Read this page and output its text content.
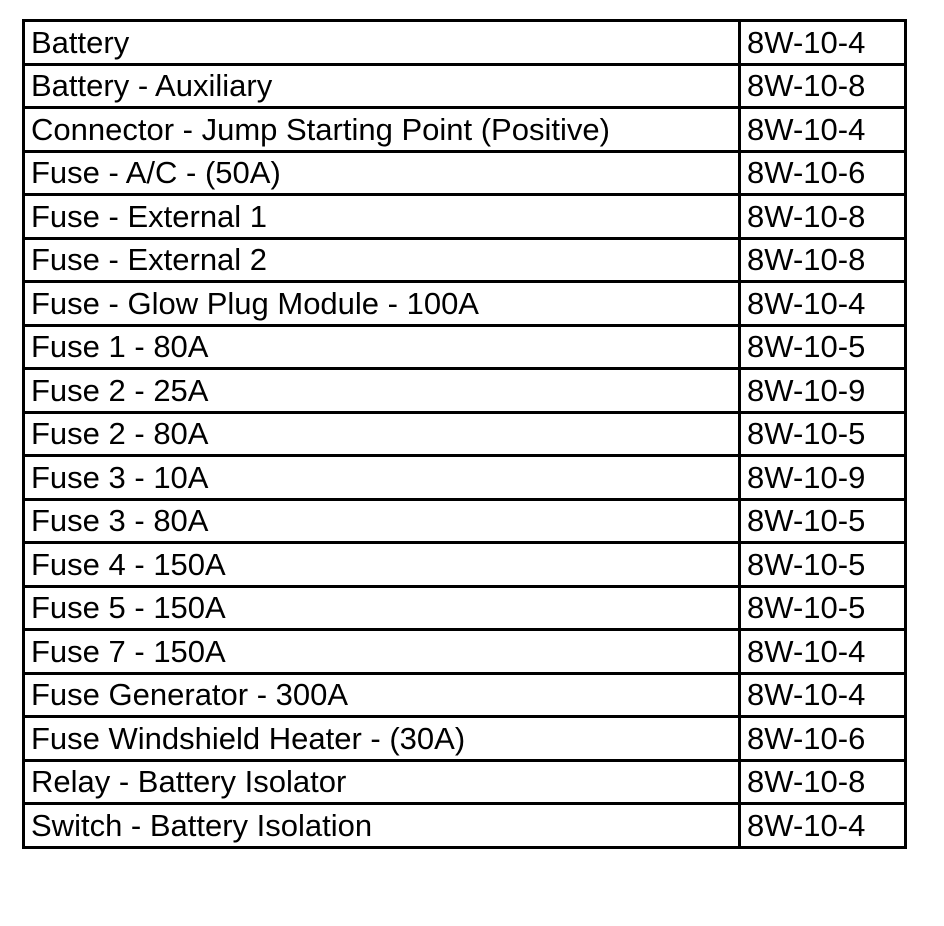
Battery	8W-10-4
Battery - Auxiliary	8W-10-8
Connector - Jump Starting Point (Positive)	8W-10-4
Fuse - A/C - (50A)	8W-10-6
Fuse - External 1	8W-10-8
Fuse - External 2	8W-10-8
Fuse - Glow Plug Module - 100A	8W-10-4
Fuse 1 - 80A	8W-10-5
Fuse 2 - 25A	8W-10-9
Fuse 2 - 80A	8W-10-5
Fuse 3 - 10A	8W-10-9
Fuse 3 - 80A	8W-10-5
Fuse 4 - 150A	8W-10-5
Fuse 5 - 150A	8W-10-5
Fuse 7 - 150A	8W-10-4
Fuse Generator - 300A	8W-10-4
Fuse Windshield Heater - (30A)	8W-10-6
Relay - Battery Isolator	8W-10-8
Switch - Battery Isolation	8W-10-4
